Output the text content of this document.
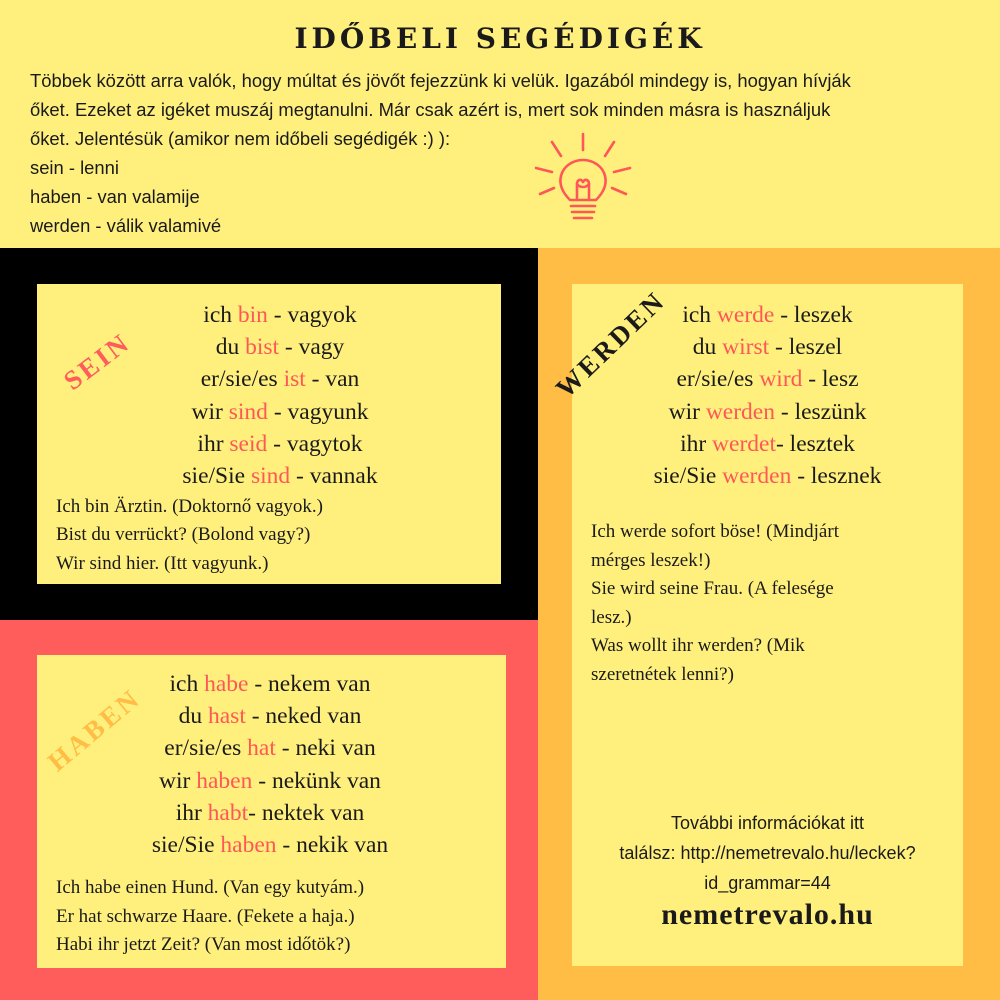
IDŐBELI SEGÉDIGÉK
Többek között arra valók, hogy múltat és jövőt fejezzünk ki velük. Igazából mindegy is, hogyan hívják
őket. Ezeket az igéket muszáj megtanulni. Már csak azért is, mert sok minden másra is használjuk
őket. Jelentésük (amikor nem időbeli segédigék :) ):
sein - lenni
haben - van valamije
werden - válik valamivé
SEIN	WERDEN
HABEN
ich bin - vagyok
du bist - vagy
er/sie/es ist - van
wir sind - vagyunk
ihr seid - vagytok
sie/Sie sind - vannak
Ich bin Ärztin. (Doktornő vagyok.)
Bist du verrückt? (Bolond vagy?)
Wir sind hier. (Itt vagyunk.)
ich habe - nekem van
du hast - neked van
er/sie/es hat - neki van
wir haben - nekünk van
ihr habt- nektek van
sie/Sie haben - nekik van
Ich habe einen Hund. (Van egy kutyám.)
Er hat schwarze Haare. (Fekete a haja.)
Habi ihr jetzt Zeit? (Van most időtök?)
ich werde - leszek
du wirst - leszel
er/sie/es wird - lesz
wir werden - leszünk
ihr werdet- lesztek
sie/Sie werden - lesznek
Ich werde sofort böse! (Mindjárt
mérges leszek!)
Sie wird seine Frau. (A felesége
lesz.)
Was wollt ihr werden? (Mik
szeretnétek lenni?)
További információkat itt
találsz: http://nemetrevalo.hu/leckek?
id_grammar=44
nemetrevalo.hu
